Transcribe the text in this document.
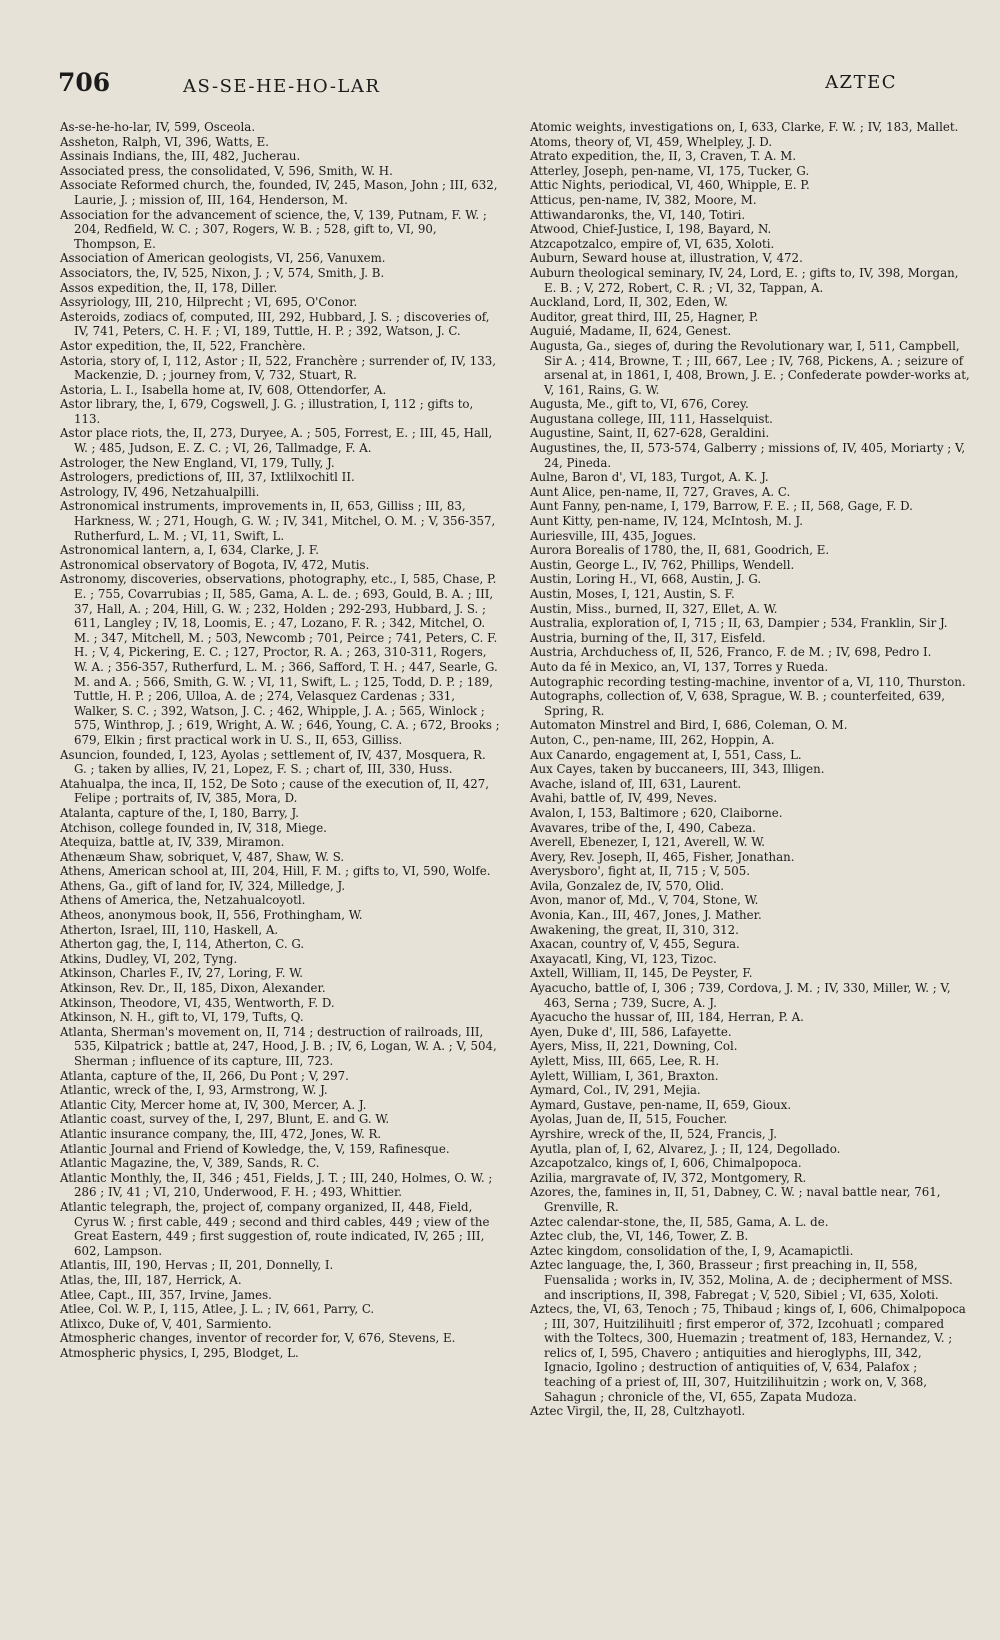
706	AS-SE-HE-HO-LAR	AZTEC

As-se-he-ho-lar, IV, 599, Osceola.

Assheton, Ralph, VI, 396, Watts, E.

Assinais Indians, the, III, 482, Jucherau.

Associated press, the consolidated, V, 596, Smith, W. H.

Associate Reformed church, the, founded, IV, 245, Mason, John ; III, 632, Laurie, J. ; mission of, III, 164, Henderson, M.

Association for the advancement of science, the, V, 139, Putnam, F. W. ; 204, Redfield, W. C. ; 307, Rogers, W. B. ; 528, gift to, VI, 90, Thompson, E.

Association of American geologists, VI, 256, Vanuxem.

Associators, the, IV, 525, Nixon, J. ; V, 574, Smith, J. B.

Assos expedition, the, II, 178, Diller.

Assyriology, III, 210, Hilprecht ; VI, 695, O'Conor.

Asteroids, zodiacs of, computed, III, 292, Hubbard, J. S. ; discoveries of, IV, 741, Peters, C. H. F. ; VI, 189, Tuttle, H. P. ; 392, Watson, J. C.

Astor expedition, the, II, 522, Franchère.

Astoria, story of, I, 112, Astor ; II, 522, Franchère ; surrender of, IV, 133, Mackenzie, D. ; journey from, V, 732, Stuart, R.

Astoria, L. I., Isabella home at, IV, 608, Ottendorfer, A.

Astor library, the, I, 679, Cogswell, J. G. ; illustration, I, 112 ; gifts to, 113.

Astor place riots, the, II, 273, Duryee, A. ; 505, Forrest, E. ; III, 45, Hall, W. ; 485, Judson, E. Z. C. ; VI, 26, Tallmadge, F. A.

Astrologer, the New England, VI, 179, Tully, J.

Astrologers, predictions of, III, 37, Ixtlilxochitl II.

Astrology, IV, 496, Netzahualpilli.

Astronomical instruments, improvements in, II, 653, Gilliss ; III, 83, Harkness, W. ; 271, Hough, G. W. ; IV, 341, Mitchel, O. M. ; V, 356-357, Rutherfurd, L. M. ; VI, 11, Swift, L.

Astronomical lantern, a, I, 634, Clarke, J. F.

Astronomical observatory of Bogota, IV, 472, Mutis.

Astronomy, discoveries, observations, photography, etc., I, 585, Chase, P. E. ; 755, Covarrubias ; II, 585, Gama, A. L. de. ; 693, Gould, B. A. ; III, 37, Hall, A. ; 204, Hill, G. W. ; 232, Holden ; 292-293, Hubbard, J. S. ; 611, Langley ; IV, 18, Loomis, E. ; 47, Lozano, F. R. ; 342, Mitchel, O. M. ; 347, Mitchell, M. ; 503, Newcomb ; 701, Peirce ; 741, Peters, C. F. H. ; V, 4, Pickering, E. C. ; 127, Proctor, R. A. ; 263, 310-311, Rogers, W. A. ; 356-357, Rutherfurd, L. M. ; 366, Safford, T. H. ; 447, Searle, G. M. and A. ; 566, Smith, G. W. ; VI, 11, Swift, L. ; 125, Todd, D. P. ; 189, Tuttle, H. P. ; 206, Ulloa, A. de ; 274, Velasquez Cardenas ; 331, Walker, S. C. ; 392, Watson, J. C. ; 462, Whipple, J. A. ; 565, Winlock ; 575, Winthrop, J. ; 619, Wright, A. W. ; 646, Young, C. A. ; 672, Brooks ; 679, Elkin ; first practical work in U. S., II, 653, Gilliss.

Asuncion, founded, I, 123, Ayolas ; settlement of, IV, 437, Mosquera, R. G. ; taken by allies, IV, 21, Lopez, F. S. ; chart of, III, 330, Huss.

Atahualpa, the inca, II, 152, De Soto ; cause of the execution of, II, 427, Felipe ; portraits of, IV, 385, Mora, D.

Atalanta, capture of the, I, 180, Barry, J.

Atchison, college founded in, IV, 318, Miege.

Atequiza, battle at, IV, 339, Miramon.

Athenæum Shaw, sobriquet, V, 487, Shaw, W. S.

Athens, American school at, III, 204, Hill, F. M. ; gifts to, VI, 590, Wolfe.

Athens, Ga., gift of land for, IV, 324, Milledge, J.

Athens of America, the, Netzahualcoyotl.

Atheos, anonymous book, II, 556, Frothingham, W.

Atherton, Israel, III, 110, Haskell, A.

Atherton gag, the, I, 114, Atherton, C. G.

Atkins, Dudley, VI, 202, Tyng.

Atkinson, Charles F., IV, 27, Loring, F. W.

Atkinson, Rev. Dr., II, 185, Dixon, Alexander.

Atkinson, Theodore, VI, 435, Wentworth, F. D.

Atkinson, N. H., gift to, VI, 179, Tufts, Q.

Atlanta, Sherman's movement on, II, 714 ; destruction of railroads, III, 535, Kilpatrick ; battle at, 247, Hood, J. B. ; IV, 6, Logan, W. A. ; V, 504, Sherman ; influence of its capture, III, 723.

Atlanta, capture of the, II, 266, Du Pont ; V, 297.

Atlantic, wreck of the, I, 93, Armstrong, W. J.

Atlantic City, Mercer home at, IV, 300, Mercer, A. J.

Atlantic coast, survey of the, I, 297, Blunt, E. and G. W.

Atlantic insurance company, the, III, 472, Jones, W. R.

Atlantic Journal and Friend of Kowledge, the, V, 159, Rafinesque.

Atlantic Magazine, the, V, 389, Sands, R. C.

Atlantic Monthly, the, II, 346 ; 451, Fields, J. T. ; III, 240, Holmes, O. W. ; 286 ; IV, 41 ; VI, 210, Underwood, F. H. ; 493, Whittier.

Atlantic telegraph, the, project of, company organized, II, 448, Field, Cyrus W. ; first cable, 449 ; second and third cables, 449 ; view of the Great Eastern, 449 ; first suggestion of, route indicated, IV, 265 ; III, 602, Lampson.

Atlantis, III, 190, Hervas ; II, 201, Donnelly, I.

Atlas, the, III, 187, Herrick, A.

Atlee, Capt., III, 357, Irvine, James.

Atlee, Col. W. P., I, 115, Atlee, J. L. ; IV, 661, Parry, C.

Atlixco, Duke of, V, 401, Sarmiento.

Atmospheric changes, inventor of recorder for, V, 676, Stevens, E.

Atmospheric physics, I, 295, Blodget, L.

Atomic weights, investigations on, I, 633, Clarke, F. W. ; IV, 183, Mallet.

Atoms, theory of, VI, 459, Whelpley, J. D.

Atrato expedition, the, II, 3, Craven, T. A. M.

Atterley, Joseph, pen-name, VI, 175, Tucker, G.

Attic Nights, periodical, VI, 460, Whipple, E. P.

Atticus, pen-name, IV, 382, Moore, M.

Attiwandaronks, the, VI, 140, Totiri.

Atwood, Chief-Justice, I, 198, Bayard, N.

Atzcapotzalco, empire of, VI, 635, Xoloti.

Auburn, Seward house at, illustration, V, 472.

Auburn theological seminary, IV, 24, Lord, E. ; gifts to, IV, 398, Morgan, E. B. ; V, 272, Robert, C. R. ; VI, 32, Tappan, A.

Auckland, Lord, II, 302, Eden, W.

Auditor, great third, III, 25, Hagner, P.

Auguié, Madame, II, 624, Genest.

Augusta, Ga., sieges of, during the Revolutionary war, I, 511, Campbell, Sir A. ; 414, Browne, T. ; III, 667, Lee ; IV, 768, Pickens, A. ; seizure of arsenal at, in 1861, I, 408, Brown, J. E. ; Confederate powder-works at, V, 161, Rains, G. W.

Augusta, Me., gift to, VI, 676, Corey.

Augustana college, III, 111, Hasselquist.

Augustine, Saint, II, 627-628, Geraldini.

Augustines, the, II, 573-574, Galberry ; missions of, IV, 405, Moriarty ; V, 24, Pineda.

Aulne, Baron d', VI, 183, Turgot, A. K. J.

Aunt Alice, pen-name, II, 727, Graves, A. C.

Aunt Fanny, pen-name, I, 179, Barrow, F. E. ; II, 568, Gage, F. D.

Aunt Kitty, pen-name, IV, 124, McIntosh, M. J.

Auriesville, III, 435, Jogues.

Aurora Borealis of 1780, the, II, 681, Goodrich, E.

Austin, George L., IV, 762, Phillips, Wendell.

Austin, Loring H., VI, 668, Austin, J. G.

Austin, Moses, I, 121, Austin, S. F.

Austin, Miss., burned, II, 327, Ellet, A. W.

Australia, exploration of, I, 715 ; II, 63, Dampier ; 534, Franklin, Sir J.

Austria, burning of the, II, 317, Eisfeld.

Austria, Archduchess of, II, 526, Franco, F. de M. ; IV, 698, Pedro I.

Auto da fé in Mexico, an, VI, 137, Torres y Rueda.

Autographic recording testing-machine, inventor of a, VI, 110, Thurston.

Autographs, collection of, V, 638, Sprague, W. B. ; counterfeited, 639, Spring, R.

Automaton Minstrel and Bird, I, 686, Coleman, O. M.

Auton, C., pen-name, III, 262, Hoppin, A.

Aux Canardo, engagement at, I, 551, Cass, L.

Aux Cayes, taken by buccaneers, III, 343, Illigen.

Avache, island of, III, 631, Laurent.

Avahi, battle of, IV, 499, Neves.

Avalon, I, 153, Baltimore ; 620, Claiborne.

Avavares, tribe of the, I, 490, Cabeza.

Averell, Ebenezer, I, 121, Averell, W. W.

Avery, Rev. Joseph, II, 465, Fisher, Jonathan.

Averysboro', fight at, II, 715 ; V, 505.

Avila, Gonzalez de, IV, 570, Olid.

Avon, manor of, Md., V, 704, Stone, W.

Avonia, Kan., III, 467, Jones, J. Mather.

Awakening, the great, II, 310, 312.

Axacan, country of, V, 455, Segura.

Axayacatl, King, VI, 123, Tizoc.

Axtell, William, II, 145, De Peyster, F.

Ayacucho, battle of, I, 306 ; 739, Cordova, J. M. ; IV, 330, Miller, W. ; V, 463, Serna ; 739, Sucre, A. J.

Ayacucho the hussar of, III, 184, Herran, P. A.

Ayen, Duke d', III, 586, Lafayette.

Ayers, Miss, II, 221, Downing, Col.

Aylett, Miss, III, 665, Lee, R. H.

Aylett, William, I, 361, Braxton.

Aymard, Col., IV, 291, Mejia.

Aymard, Gustave, pen-name, II, 659, Gioux.

Ayolas, Juan de, II, 515, Foucher.

Ayrshire, wreck of the, II, 524, Francis, J.

Ayutla, plan of, I, 62, Alvarez, J. ; II, 124, Degollado.

Azcapotzalco, kings of, I, 606, Chimalpopoca.

Azilia, margravate of, IV, 372, Montgomery, R.

Azores, the, famines in, II, 51, Dabney, C. W. ; naval battle near, 761, Grenville, R.

Aztec calendar-stone, the, II, 585, Gama, A. L. de.

Aztec club, the, VI, 146, Tower, Z. B.

Aztec kingdom, consolidation of the, I, 9, Acamapictli.

Aztec language, the, I, 360, Brasseur ; first preaching in, II, 558, Fuensalida ; works in, IV, 352, Molina, A. de ; decipherment of MSS. and inscriptions, II, 398, Fabregat ; V, 520, Sibiel ; VI, 635, Xoloti.

Aztecs, the, VI, 63, Tenoch ; 75, Thibaud ; kings of, I, 606, Chimalpopoca ; III, 307, Huitzilihuitl ; first emperor of, 372, Izcohuatl ; compared with the Toltecs, 300, Huemazin ; treatment of, 183, Hernandez, V. ; relics of, I, 595, Chavero ; antiquities and hieroglyphs, III, 342, Ignacio, Igolino ; destruction of antiquities of, V, 634, Palafox ; teaching of a priest of, III, 307, Huitzilihuitzin ; work on, V, 368, Sahagun ; chronicle of the, VI, 655, Zapata Mudoza.

Aztec Virgil, the, II, 28, Cultzhayotl.
